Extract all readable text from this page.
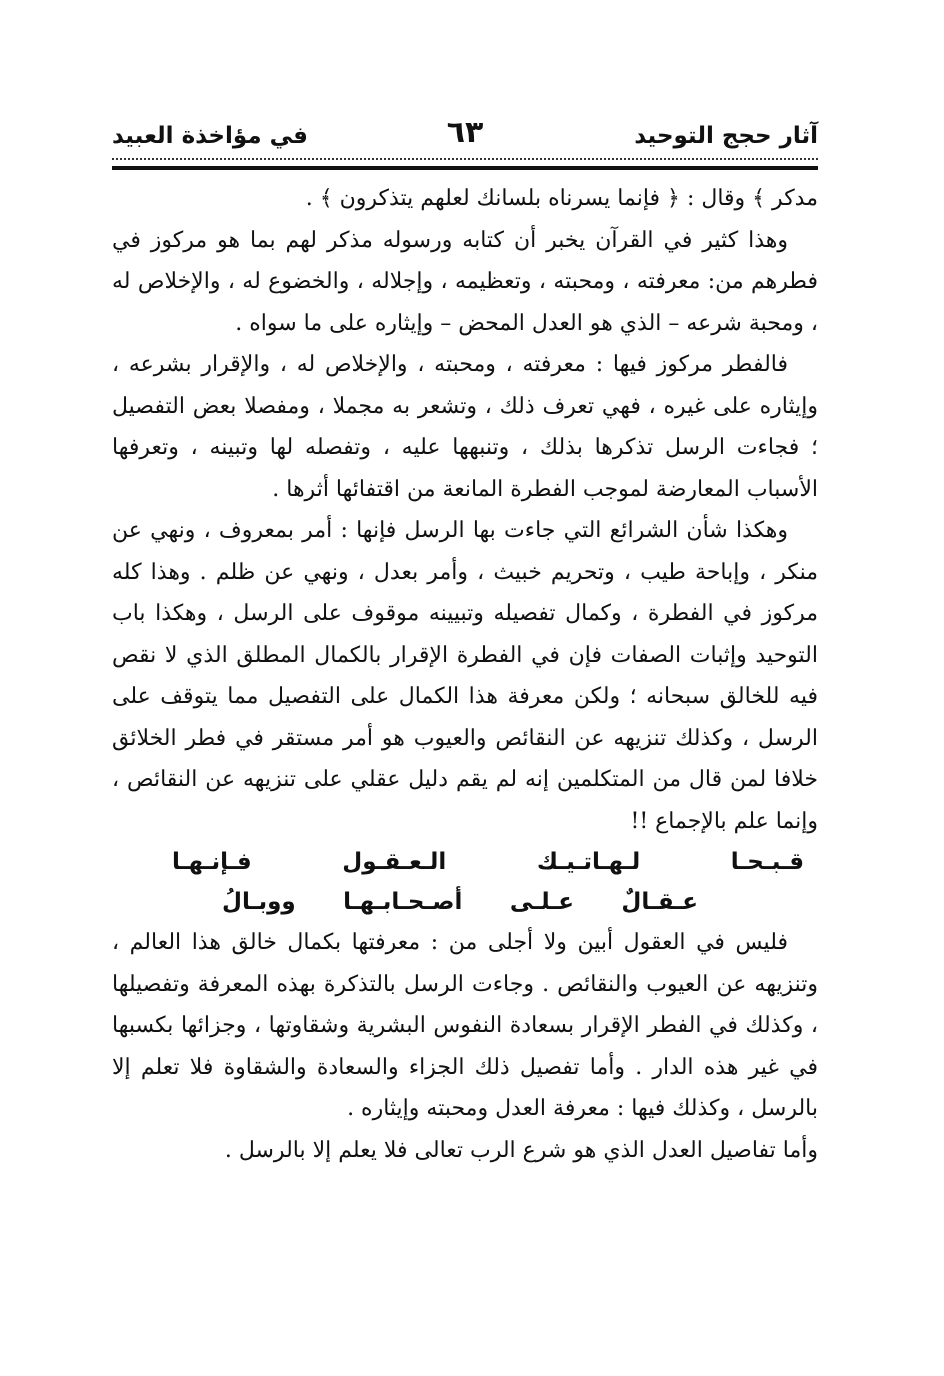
آثار حجج التوحيد
٦٣
في مؤاخذة العبيد

مدكر ﴾ وقال : ﴿ فإنما يسرناه بلسانك لعلهم يتذكرون ﴾ .

وهذا كثير في القرآن يخبر أن كتابه ورسوله مذكر لهم بما هو مركوز في فطرهم من: معرفته ، ومحبته ، وتعظيمه ، وإجلاله ، والخضوع له ، والإخلاص له ، ومحبة شرعه – الذي هو العدل المحض – وإيثاره على ما سواه .

فالفطر مركوز فيها : معرفته ، ومحبته ، والإخلاص له ، والإقرار بشرعه ، وإيثاره على غيره ، فهي تعرف ذلك ، وتشعر به مجملا ، ومفصلا بعض التفصيل ؛ فجاءت الرسل تذكرها بذلك ، وتنبهها عليه ، وتفصله لها وتبينه ، وتعرفها الأسباب المعارضة لموجب الفطرة المانعة من اقتفائها أثرها .

وهكذا شأن الشرائع التي جاءت بها الرسل فإنها : أمر بمعروف ، ونهي عن منكر ، وإباحة طيب ، وتحريم خبيث ، وأمر بعدل ، ونهي عن ظلم . وهذا كله مركوز في الفطرة ، وكمال تفصيله وتبيينه موقوف على الرسل ، وهكذا باب التوحيد وإثبات الصفات فإن في الفطرة الإقرار بالكمال المطلق الذي لا نقص فيه للخالق سبحانه ؛ ولكن معرفة هذا الكمال على التفصيل مما يتوقف على الرسل ، وكذلك تنزيهه عن النقائص والعيوب هو أمر مستقر في فطر الخلائق خلافا لمن قال من المتكلمين إنه لم يقم دليل عقلي على تنزيهه عن النقائص ، وإنما علم بالإجماع !!

قـبـحـا لـهـاتـيـك الـعـقـول فـإنـهـا
عـقـالٌ عـلـى أصـحـابـهـا ووبـالُ

فليس في العقول أبين ولا أجلى من : معرفتها بكمال خالق هذا العالم ، وتنزيهه عن العيوب والنقائص . وجاءت الرسل بالتذكرة بهذه المعرفة وتفصيلها ، وكذلك في الفطر الإقرار بسعادة النفوس البشرية وشقاوتها ، وجزائها بكسبها في غير هذه الدار . وأما تفصيل ذلك الجزاء والسعادة والشقاوة فلا تعلم إلا بالرسل ، وكذلك فيها : معرفة العدل ومحبته وإيثاره .

وأما تفاصيل العدل الذي هو شرع الرب تعالى فلا يعلم إلا بالرسل .
